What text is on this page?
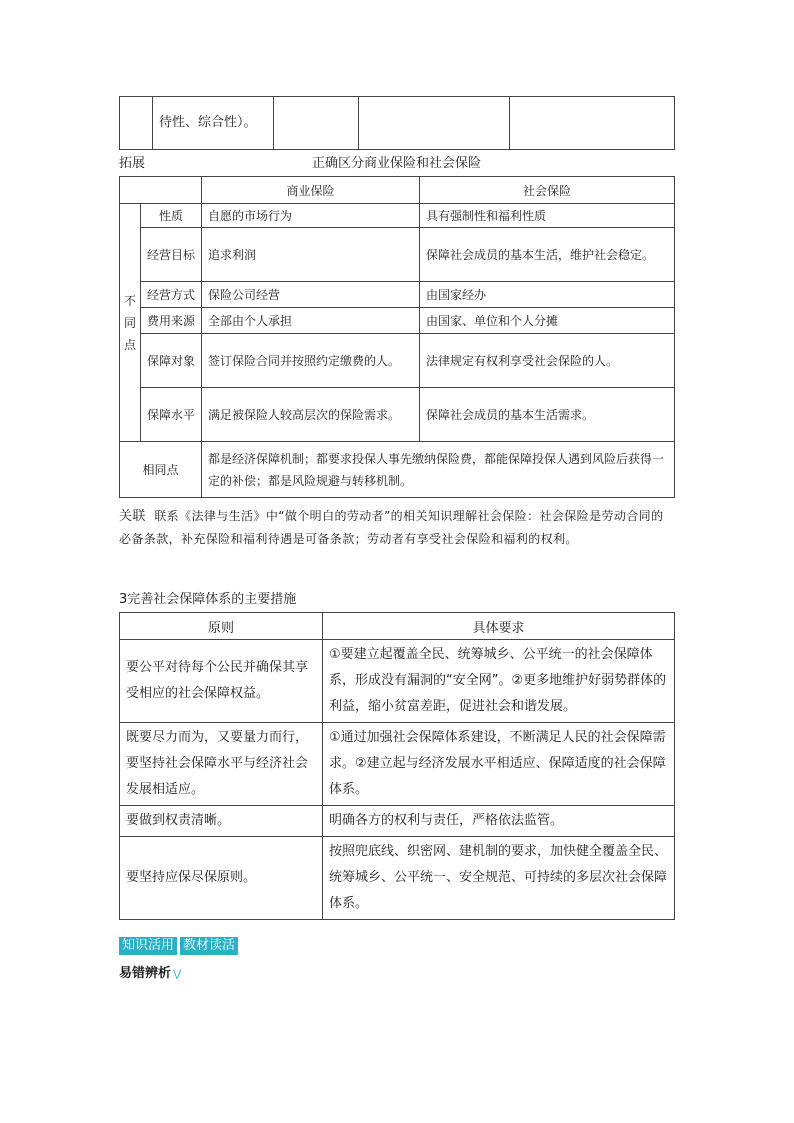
	待性、综合性）。			
拓展	正确区分商业保险和社会保险
		商业保险	社会保险
不同点	性质	自愿的市场行为	具有强制性和福利性质
	经营目标	追求利润	保障社会成员的基本生活，维护社会稳定。
	经营方式	保险公司经营	由国家经办
	费用来源	全部由个人承担	由国家、单位和个人分摊
	保障对象	签订保险合同并按照约定缴费的人。	法律规定有权利享受社会保险的人。
	保障水平	满足被保险人较高层次的保险需求。	保障社会成员的基本生活需求。
相同点		都是经济保障机制；都要求投保人事先缴纳保险费，都能保障投保人遇到风险后获得一定的补偿；都是风险规避与转移机制。	
关联 联系《法律与生活》中“做个明白的劳动者”的相关知识理解社会保险：社会保险是劳动合同的必备条款，补充保险和福利待遇是可备条款；劳动者有享受社会保险和福利的权利。
3完善社会保障体系的主要措施
原则	具体要求
要公平对待每个公民并确保其享受相应的社会保障权益。	①要建立起覆盖全民、统筹城乡、公平统一的社会保障体系，形成没有漏洞的“安全网”。②更多地维护好弱势群体的利益，缩小贫富差距，促进社会和谐发展。
既要尽力而为，又要量力而行，要坚持社会保障水平与经济社会发展相适应。	①通过加强社会保障体系建设，不断满足人民的社会保障需求。②建立起与经济发展水平相适应、保障适度的社会保障体系。
要做到权责清晰。	明确各方的权利与责任，严格依法监管。
要坚持应保尽保原则。	按照兜底线、织密网、建机制的要求，加快健全覆盖全民、统筹城乡、公平统一、安全规范、可持续的多层次社会保障体系。
知识活用 教材读活
易错辨析 ⋁
